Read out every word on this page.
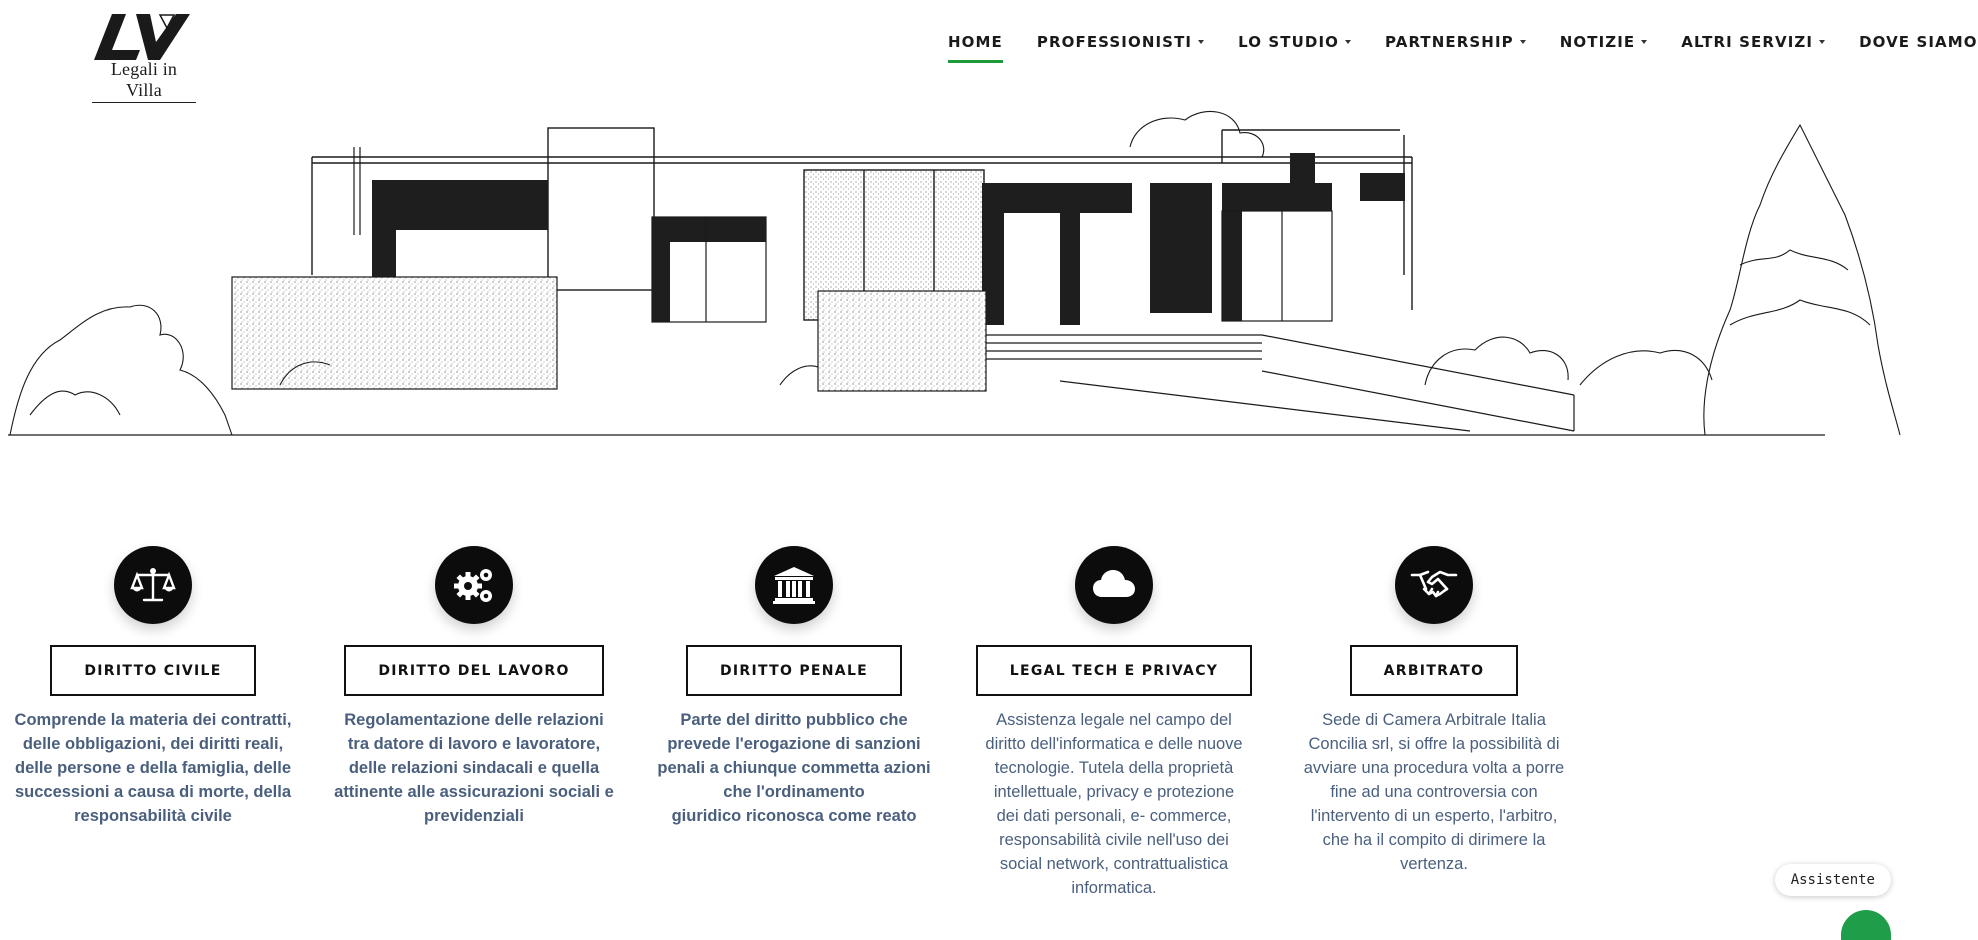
Legali in Villa
HOME PROFESSIONISTI	LO STUDIO	PARTNERSHIP	NOTIZIE	ALTRI SERVIZI	DOVE SIAMO
DIRITTO CIVILE
Comprende la materia dei contratti,
delle obbligazioni, dei diritti reali,
delle persone e della famiglia, delle
successioni a causa di morte, della
responsabilità civile
DIRITTO DEL LAVORO
Regolamentazione delle relazioni
tra datore di lavoro e lavoratore,
delle relazioni sindacali e quella
attinente alle assicurazioni sociali e
previdenziali
DIRITTO PENALE
Parte del diritto pubblico che
prevede l'erogazione di sanzioni
penali a chiunque commetta azioni
che l'ordinamento
giuridico riconosca come reato
LEGAL TECH E PRIVACY
Assistenza legale nel campo del
diritto dell'informatica e delle nuove
tecnologie. Tutela della proprietà
intellettuale, privacy e protezione
dei dati personali, e- commerce,
responsabilità civile nell'uso dei
social network, contrattualistica
informatica.
ARBITRATO
Sede di Camera Arbitrale Italia
Concilia srl, si offre la possibilità di
avviare una procedura volta a porre
fine ad una controversia con
l'intervento di un esperto, l'arbitro,
che ha il compito di dirimere la
vertenza.
Assistente
